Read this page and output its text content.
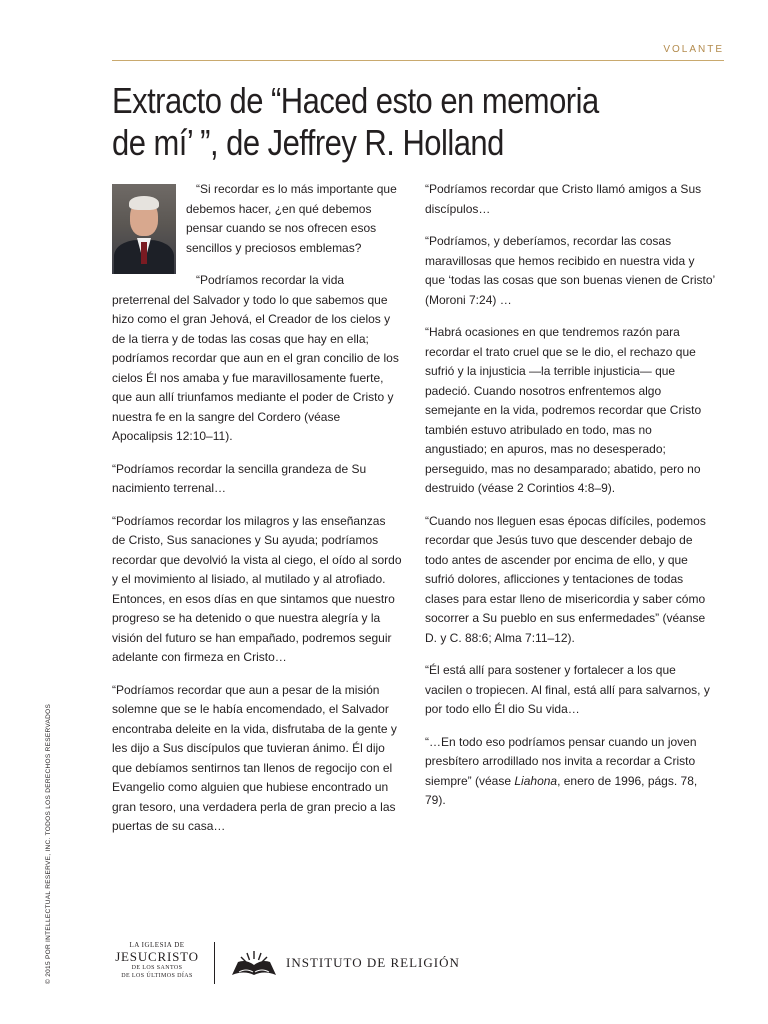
VOLANTE
Extracto de “Haced esto en memoria
de mí’ ”, de Jeffrey R. Holland

“Si recordar es lo más importante que debemos hacer, ¿en qué debemos pensar cuando se nos ofrecen esos sencillos y preciosos emblemas?

“Podríamos recordar la vida preterrenal del Salvador y todo lo que sabemos que hizo como el gran Jehová, el Creador de los cielos y de la tierra y de todas las cosas que hay en ella; podríamos recordar que aun en el gran concilio de los cielos Él nos amaba y fue maravillosamente fuerte, que aun allí triunfamos mediante el poder de Cristo y nuestra fe en la sangre del Cordero (véase Apocalipsis 12:10–11).

“Podríamos recordar la sencilla grandeza de Su nacimiento terrenal…

“Podríamos recordar los milagros y las enseñanzas de Cristo, Sus sanaciones y Su ayuda; podríamos recordar que devolvió la vista al ciego, el oído al sordo y el movimiento al lisiado, al mutilado y al atrofiado. Entonces, en esos días en que sintamos que nuestro progreso se ha detenido o que nuestra alegría y la visión del futuro se han empañado, podremos seguir adelante con firmeza en Cristo…

“Podríamos recordar que aun a pesar de la misión solemne que se le había encomendado, el Salvador encontraba deleite en la vida, disfrutaba de la gente y les dijo a Sus discípulos que tuvieran ánimo. Él dijo que debíamos sentirnos tan llenos de regocijo con el Evangelio como alguien que hubiese encontrado un gran tesoro, una verdadera perla de gran precio a las puertas de su casa…

“Podríamos recordar que Cristo llamó amigos a Sus discípulos…

“Podríamos, y deberíamos, recordar las cosas maravillosas que hemos recibido en nuestra vida y que ‘todas las cosas que son buenas vienen de Cristo’ (Moroni 7:24) …

“Habrá ocasiones en que tendremos razón para recordar el trato cruel que se le dio, el rechazo que sufrió y la injusticia —la terrible injusticia— que padeció. Cuando nosotros enfrentemos algo semejante en la vida, podremos recordar que Cristo también estuvo atribulado en todo, mas no angustiado; en apuros, mas no desesperado; perseguido, mas no desamparado; abatido, pero no destruido (véase 2 Corintios 4:8–9).

“Cuando nos lleguen esas épocas difíciles, podemos recordar que Jesús tuvo que descender debajo de todo antes de ascender por encima de ello, y que sufrió dolores, aflicciones y tentaciones de todas clases para estar lleno de misericordia y saber cómo socorrer a Su pueblo en sus enfermedades” (véanse D. y C. 88:6; Alma 7:11–12).

“Él está allí para sostener y fortalecer a los que vacilen o tropiecen. Al final, está allí para salvarnos, y por todo ello Él dio Su vida…

“…En todo eso podríamos pensar cuando un joven presbítero arrodillado nos invita a recordar a Cristo siempre” (véase Liahona, enero de 1996, págs. 78, 79).

© 2015 POR INTELLECTUAL RESERVE, INC. TODOS LOS DERECHOS RESERVADOS	LA IGLESIA DE
JESUCRISTO
DE LOS SANTOS
DE LOS ÚLTIMOS DÍAS
INSTITUTO DE RELIGIÓN
